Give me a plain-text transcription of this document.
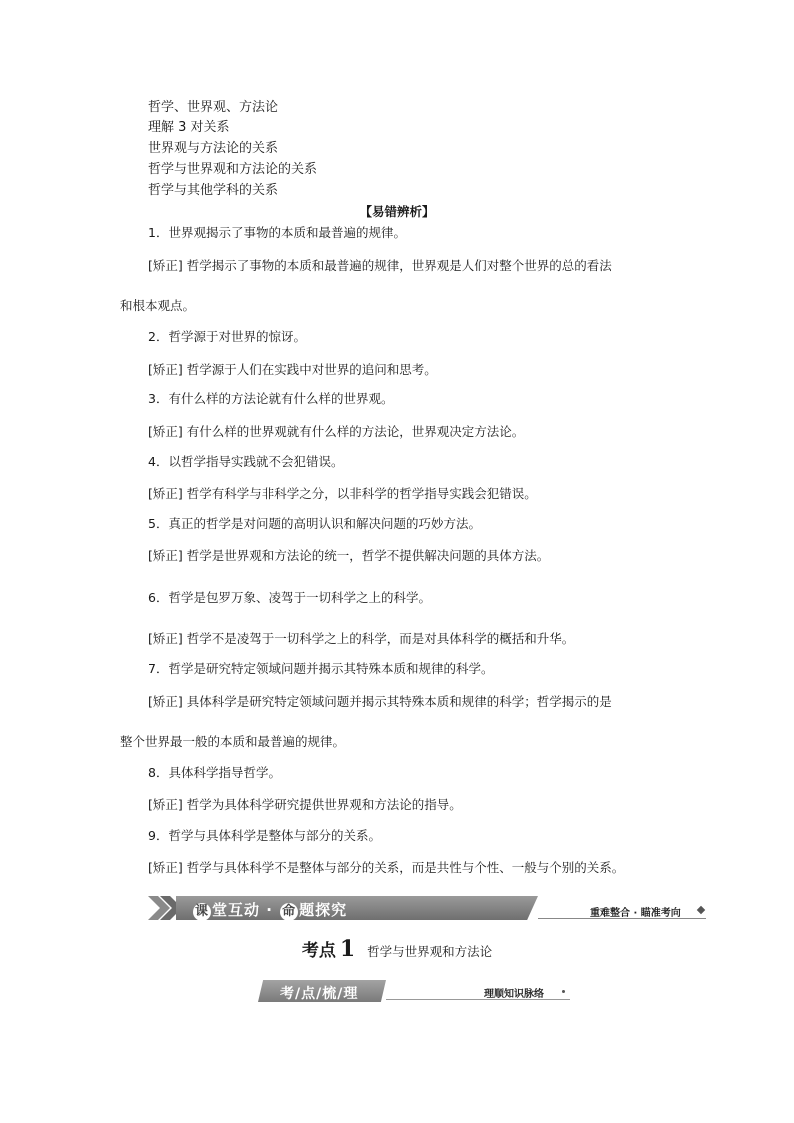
哲学、世界观、方法论
理解 3 对关系
世界观与方法论的关系
哲学与世界观和方法论的关系
哲学与其他学科的关系
【易错辨析】
1．世界观揭示了事物的本质和最普遍的规律。
[矫正] 哲学揭示了事物的本质和最普遍的规律，世界观是人们对整个世界的总的看法
和根本观点。
2．哲学源于对世界的惊讶。
[矫正] 哲学源于人们在实践中对世界的追问和思考。
3．有什么样的方法论就有什么样的世界观。
[矫正] 有什么样的世界观就有什么样的方法论，世界观决定方法论。
4．以哲学指导实践就不会犯错误。
[矫正] 哲学有科学与非科学之分，以非科学的哲学指导实践会犯错误。
5．真正的哲学是对问题的高明认识和解决问题的巧妙方法。
[矫正] 哲学是世界观和方法论的统一，哲学不提供解决问题的具体方法。
6．哲学是包罗万象、凌驾于一切科学之上的科学。
[矫正] 哲学不是凌驾于一切科学之上的科学，而是对具体科学的概括和升华。
7．哲学是研究特定领域问题并揭示其特殊本质和规律的科学。
[矫正] 具体科学是研究特定领域问题并揭示其特殊本质和规律的科学；哲学揭示的是
整个世界最一般的本质和最普遍的规律。
8．具体科学指导哲学。
[矫正] 哲学为具体科学研究提供世界观和方法论的指导。
9．哲学与具体科学是整体与部分的关系。
[矫正] 哲学与具体科学不是整体与部分的关系，而是共性与个性、一般与个别的关系。
课 堂互动 · 命 题探究	重难整合 · 瞄准考向
考点 1 哲学与世界观和方法论
考/点/梳/理	理顺知识脉络
